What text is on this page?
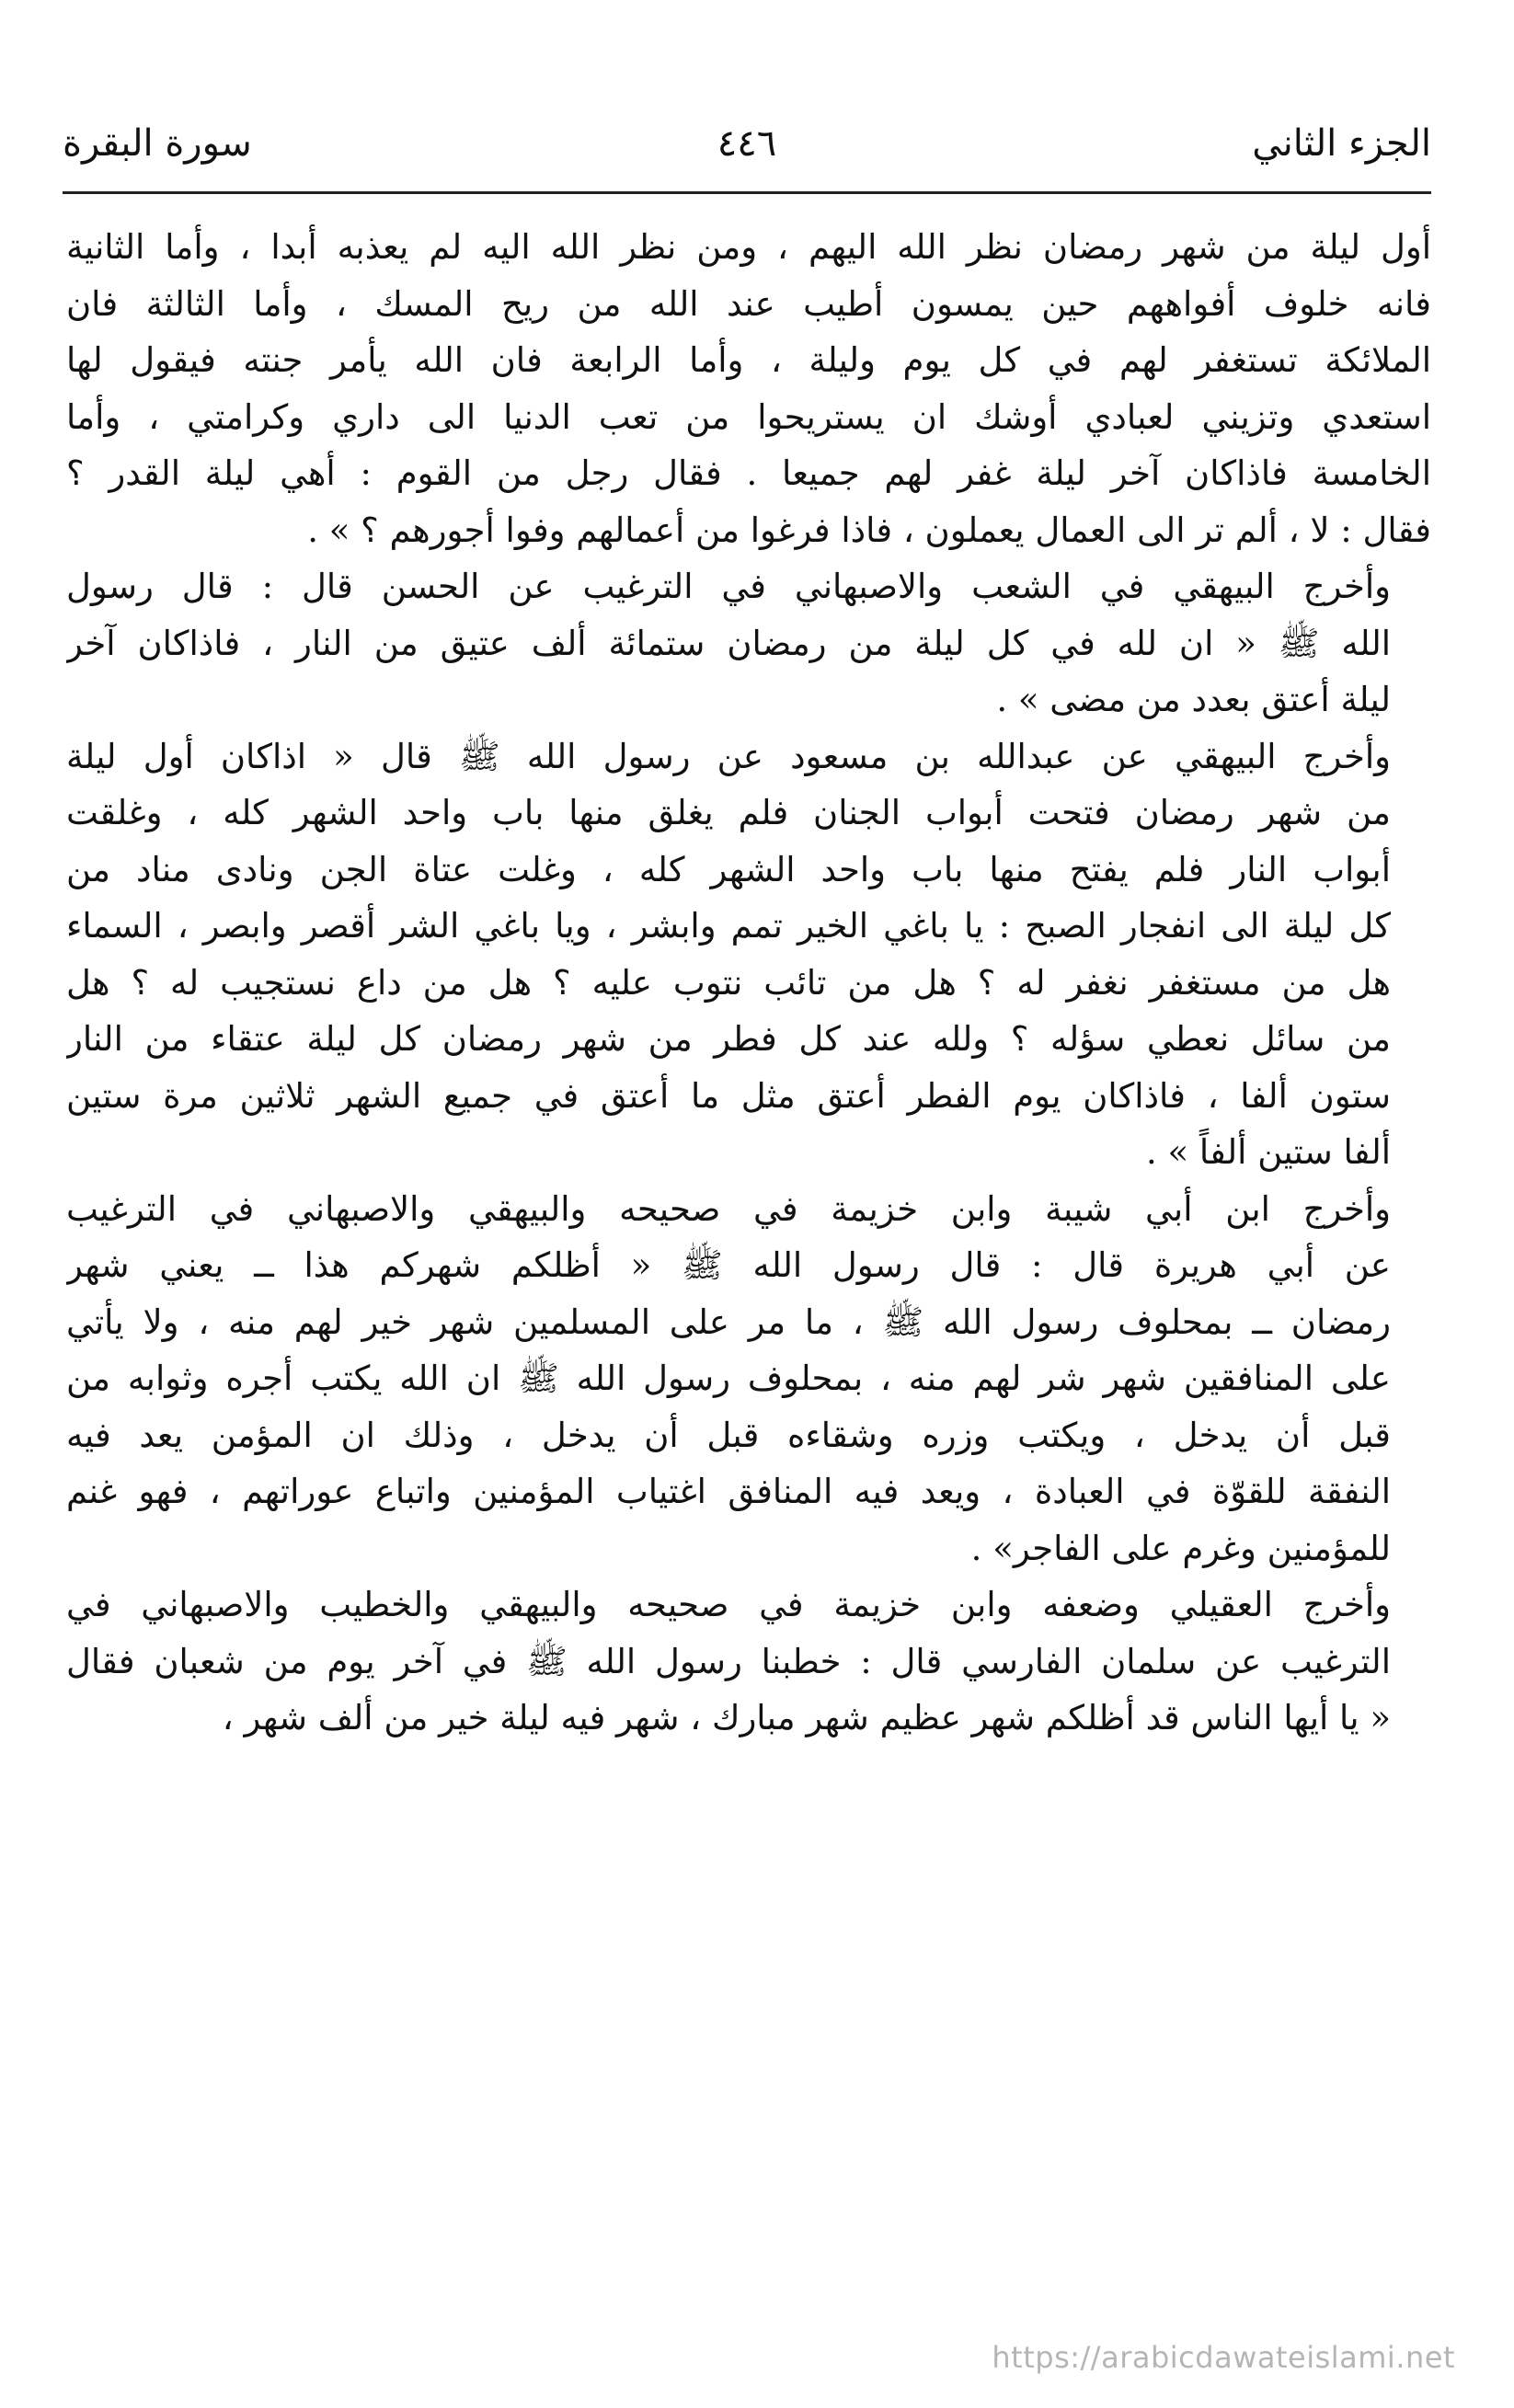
الجزء الثاني
٤٤٦
سورة البقرة
أول ليلة من شهر رمضان نظر الله اليهم ، ومن نظر الله اليه لم يعذبه أبدا ، وأما الثانية
فانه خلوف أفواههم حين يمسون أطيب عند الله من ريح المسك ، وأما الثالثة فان
الملائكة تستغفر لهم في كل يوم وليلة ، وأما الرابعة فان الله يأمر جنته فيقول لها
استعدي وتزيني لعبادي أوشك ان يستريحوا من تعب الدنيا الى داري وكرامتي ، وأما
الخامسة فاذاكان آخر ليلة غفر لهم جميعا . فقال رجل من القوم : أهي ليلة القدر ؟
فقال : لا ، ألم تر الى العمال يعملون ، فاذا فرغوا من أعمالهم وفوا أجورهم ؟ » .
وأخرج البيهقي في الشعب والاصبهاني في الترغيب عن الحسن قال : قال رسول
الله ﷺ « ان لله في كل ليلة من رمضان ستمائة ألف عتيق من النار ، فاذاكان آخر
ليلة أعتق بعدد من مضى » .
وأخرج البيهقي عن عبدالله بن مسعود عن رسول الله ﷺ قال « اذاكان أول ليلة
من شهر رمضان فتحت أبواب الجنان فلم يغلق منها باب واحد الشهر كله ، وغلقت
أبواب النار فلم يفتح منها باب واحد الشهر كله ، وغلت عتاة الجن ونادى مناد من
كل ليلة الى انفجار الصبح : يا باغي الخير تمم وابشر ، ويا باغي الشر أقصر وابصر ، السماء
هل من مستغفر نغفر له ؟ هل من تائب نتوب عليه ؟ هل من داع نستجيب له ؟ هل
من سائل نعطي سؤله ؟ ولله عند كل فطر من شهر رمضان كل ليلة عتقاء من النار
ستون ألفا ، فاذاكان يوم الفطر أعتق مثل ما أعتق في جميع الشهر ثلاثين مرة ستين
ألفا ستين ألفاً » .
وأخرج ابن أبي شيبة وابن خزيمة في صحيحه والبيهقي والاصبهاني في الترغيب
عن أبي هريرة قال : قال رسول الله ﷺ « أظلكم شهركم هذا ــ يعني شهر
رمضان ــ بمحلوف رسول الله ﷺ ، ما مر على المسلمين شهر خير لهم منه ، ولا يأتي
على المنافقين شهر شر لهم منه ، بمحلوف رسول الله ﷺ ان الله يكتب أجره وثوابه من
قبل أن يدخل ، ويكتب وزره وشقاءه قبل أن يدخل ، وذلك ان المؤمن يعد فيه
النفقة للقوّة في العبادة ، ويعد فيه المنافق اغتياب المؤمنين واتباع عوراتهم ، فهو غنم
للمؤمنين وغرم على الفاجر» .
وأخرج العقيلي وضعفه وابن خزيمة في صحيحه والبيهقي والخطيب والاصبهاني في
الترغيب عن سلمان الفارسي قال : خطبنا رسول الله ﷺ في آخر يوم من شعبان فقال
« يا أيها الناس قد أظلكم شهر عظيم شهر مبارك ، شهر فيه ليلة خير من ألف شهر ،
https://arabicdawateislami.net
